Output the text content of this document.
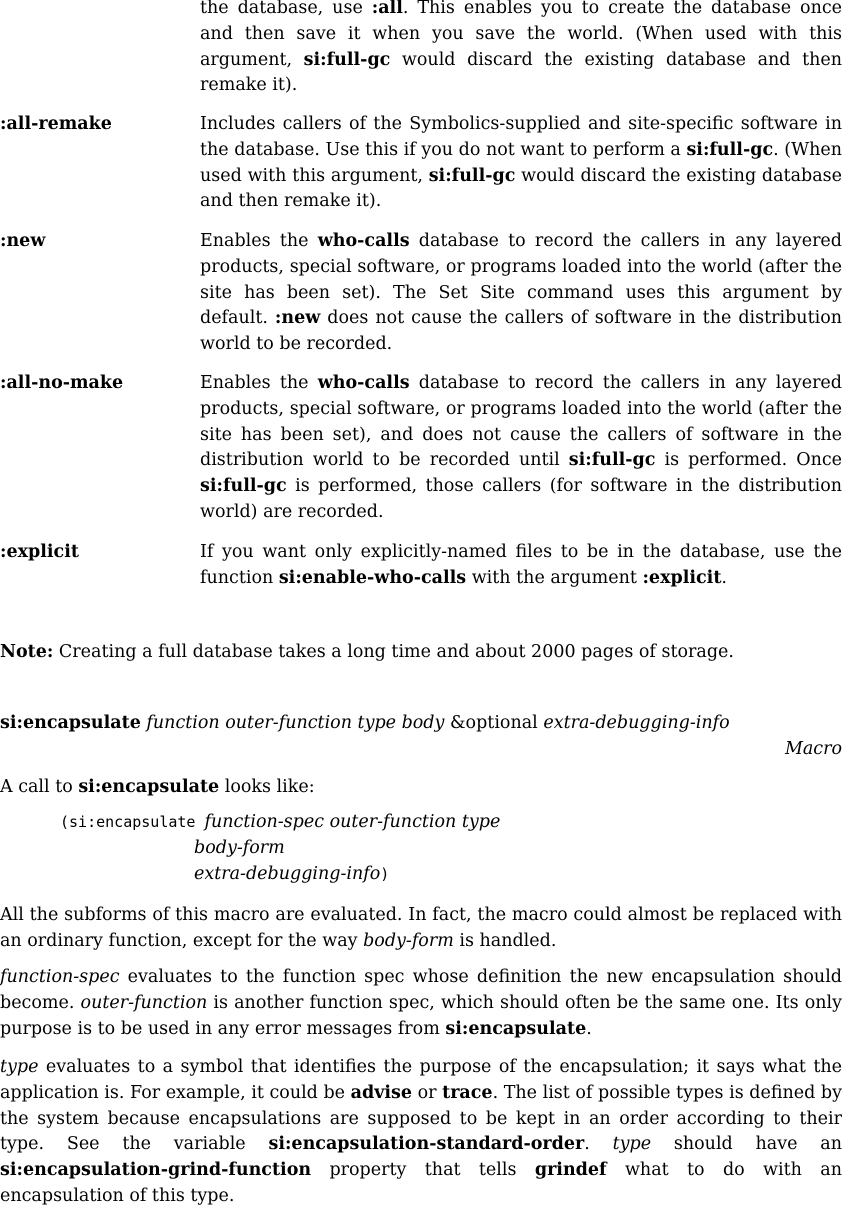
the database, use :all. This enables you to create the database once and then save it when you save the world. (When used with this argument, si:full-gc would discard the existing database and then remake it).

:all-remake	Includes callers of the Symbolics-supplied and site-specific software in the database. Use this if you do not want to perform a si:full-gc. (When used with this argument, si:full-gc would discard the existing database and then remake it).

:new	Enables the who-calls database to record the callers in any layered products, special software, or programs loaded into the world (after the site has been set). The Set Site command uses this argument by default. :new does not cause the callers of software in the distribution world to be recorded.

:all-no-make	Enables the who-calls database to record the callers in any layered products, special software, or programs loaded into the world (after the site has been set), and does not cause the callers of software in the distribution world to be recorded until si:full-gc is performed. Once si:full-gc is performed, those callers (for software in the distribution world) are recorded.

:explicit	If you want only explicitly-named files to be in the database, use the function si:enable-who-calls with the argument :explicit.

Note: Creating a full database takes a long time and about 2000 pages of storage.

si:encapsulate function outer-function type body &optional extra-debugging-info
Macro

A call to si:encapsulate looks like:

(si:encapsulate function-spec outer-function type
body-form
extra-debugging-info)

All the subforms of this macro are evaluated. In fact, the macro could almost be replaced with an ordinary function, except for the way body-form is handled.

function-spec evaluates to the function spec whose definition the new encapsulation should become. outer-function is another function spec, which should often be the same one. Its only purpose is to be used in any error messages from si:encapsulate.

type evaluates to a symbol that identifies the purpose of the encapsulation; it says what the application is. For example, it could be advise or trace. The list of possible types is defined by the system because encapsulations are supposed to be kept in an order according to their type. See the variable si:encapsulation-standard-order. type should have an si:encapsulation-grind-function property that tells grindef what to do with an encapsulation of this type.
